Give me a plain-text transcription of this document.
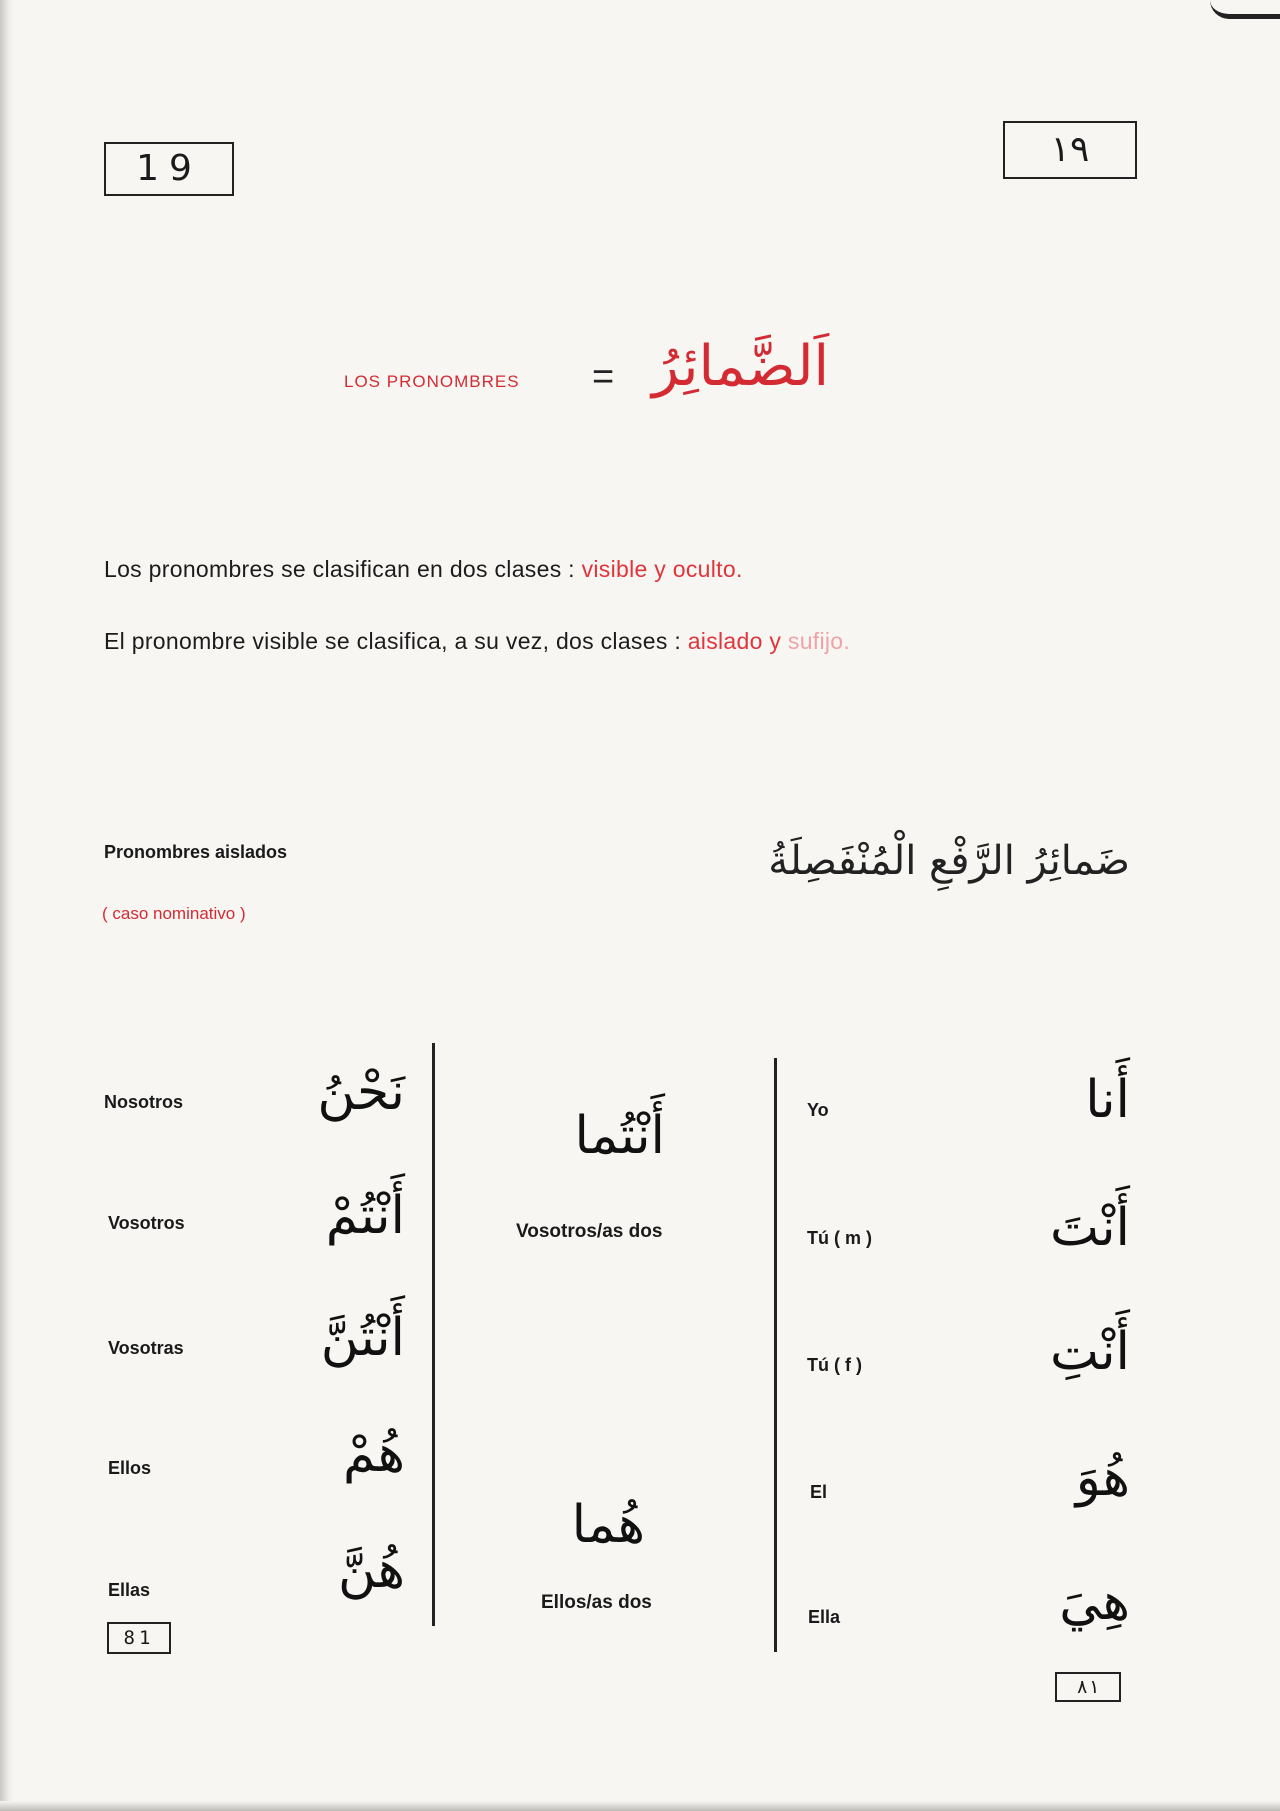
19	١٩
LOS PRONOMBRES = اَلضَّمائِرُ
Los pronombres se clasifican en dos clases : visible y oculto.
El pronombre visible se clasifica, a su vez, dos clases : aislado y sufijo.
Pronombres aislados
( caso nominativo )
ضَمائِرُ الرَّفْعِ الْمُنْفَصِلَةُ
Nosotros	نَحْنُ
Vosotros	أَنْتُمْ
Vosotras	أَنْتُنَّ
Ellos	هُمْ
Ellas	هُنَّ
أَنْتُما
Vosotros/as dos
هُما
Ellos/as dos
Yo	أَنا
Tú ( m )	أَنْتَ
Tú ( f )	أَنْتِ
El	هُوَ
Ella	هِيَ
81
٨١
